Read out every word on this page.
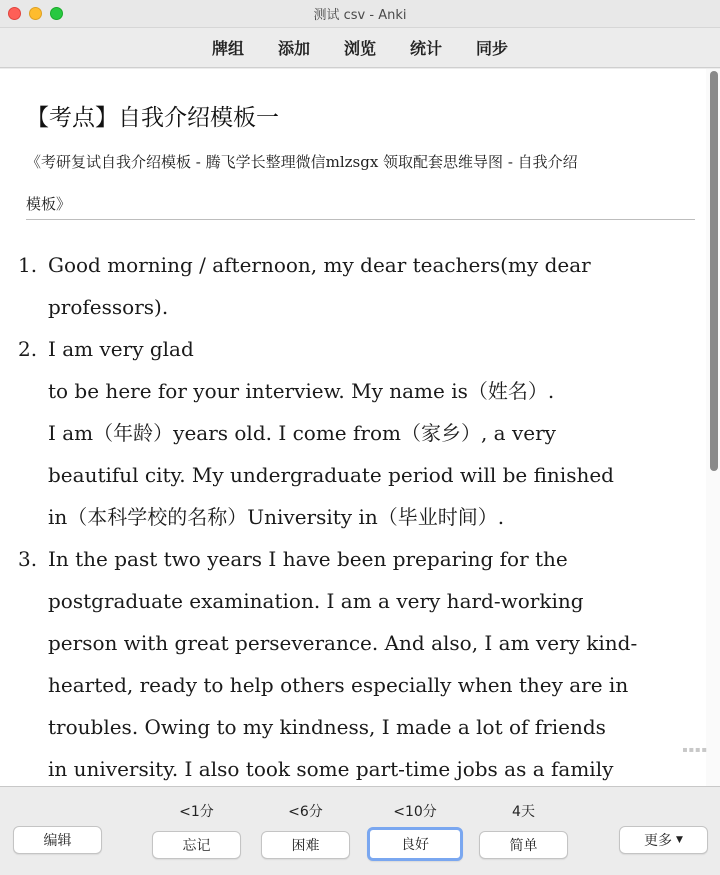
测试 csv - Anki
牌组	添加	浏览	统计	同步
【考点】自我介绍模板一
《考研复试自我介绍模板 - 腾飞学长整理微信mlzsgx 领取配套思维导图 - 自我介绍
模板》
1. Good morning / afternoon, my dear teachers(my dear
professors).
2. I am very glad
to be here for your interview. My name is（姓名）.
I am（年龄）years old. I come from（家乡）, a very
beautiful city. My undergraduate period will be finished
in（本科学校的名称）University in（毕业时间）.
3. In the past two years I have been preparing for the
postgraduate examination. I am a very hard-working
person with great perseverance. And also, I am very kind-
hearted, ready to help others especially when they are in
troubles. Owing to my kindness, I made a lot of friends
in university. I also took some part-time jobs as a family
▪▪▪▪
编辑
<1分
忘记
<6分
困难
<10分
良好
4天
简单	更多 ▼
